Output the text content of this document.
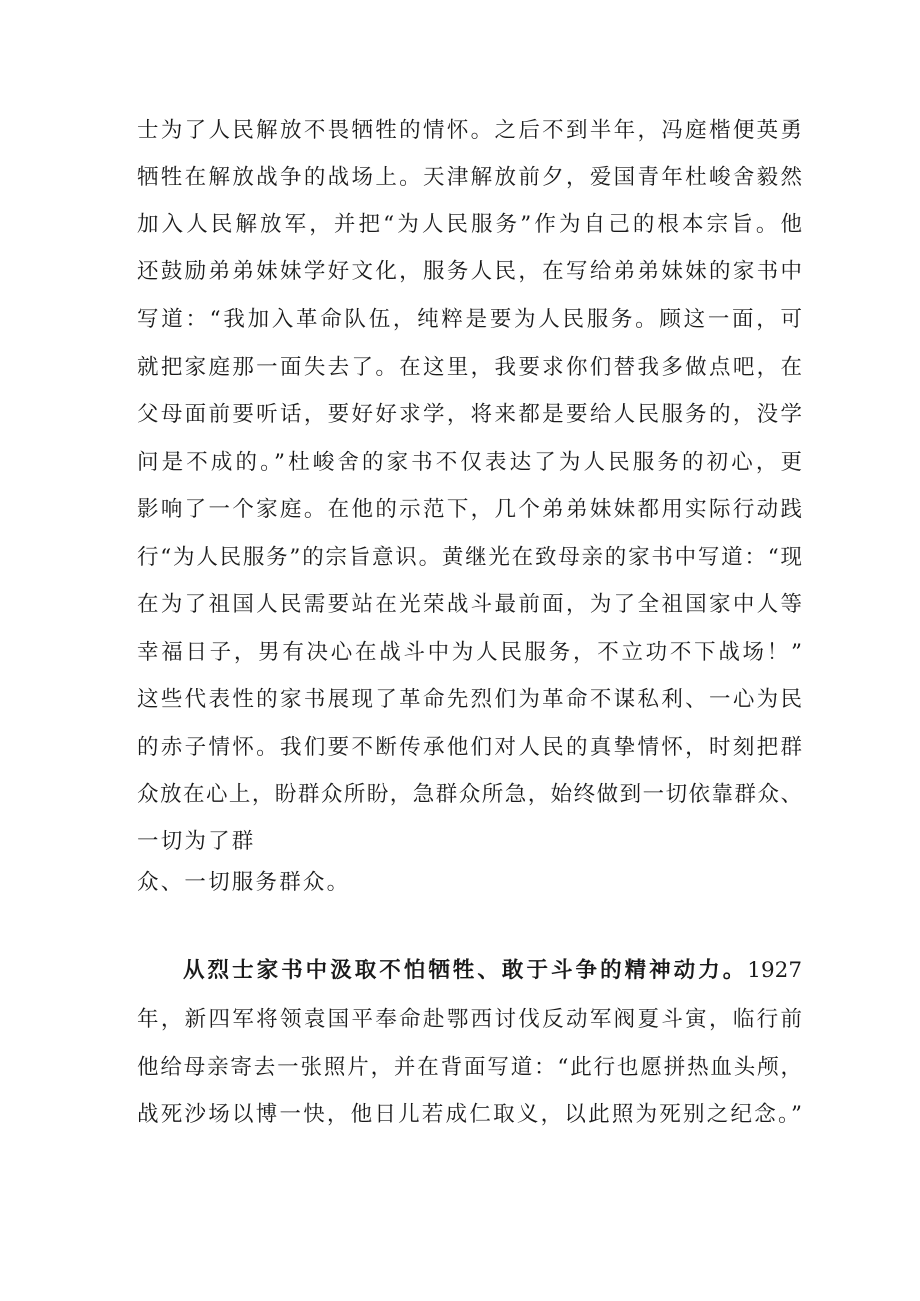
士为了人民解放不畏牺牲的情怀。之后不到半年，冯庭楷便英勇
牺牲在解放战争的战场上。天津解放前夕，爱国青年杜峻舍毅然
加入人民解放军，并把“为人民服务”作为自己的根本宗旨。他
还鼓励弟弟妹妹学好文化，服务人民，在写给弟弟妹妹的家书中
写道：“我加入革命队伍，纯粹是要为人民服务。顾这一面，可
就把家庭那一面失去了。在这里，我要求你们替我多做点吧，在
父母面前要听话，要好好求学，将来都是要给人民服务的，没学
问是不成的。”杜峻舍的家书不仅表达了为人民服务的初心，更
影响了一个家庭。在他的示范下，几个弟弟妹妹都用实际行动践
行“为人民服务”的宗旨意识。黄继光在致母亲的家书中写道：“现
在为了祖国人民需要站在光荣战斗最前面，为了全祖国家中人等
幸福日子，男有决心在战斗中为人民服务，不立功不下战场！”
这些代表性的家书展现了革命先烈们为革命不谋私利、一心为民
的赤子情怀。我们要不断传承他们对人民的真挚情怀，时刻把群
众放在心上，盼群众所盼，急群众所急，始终做到一切依靠群众、
一切为了群
众、一切服务群众。
从烈士家书中汲取不怕牺牲、敢于斗争的精神动力。1927
年，新四军将领袁国平奉命赴鄂西讨伐反动军阀夏斗寅，临行前
他给母亲寄去一张照片，并在背面写道：“此行也愿拼热血头颅，
战死沙场以博一快，他日儿若成仁取义，以此照为死别之纪念。”
